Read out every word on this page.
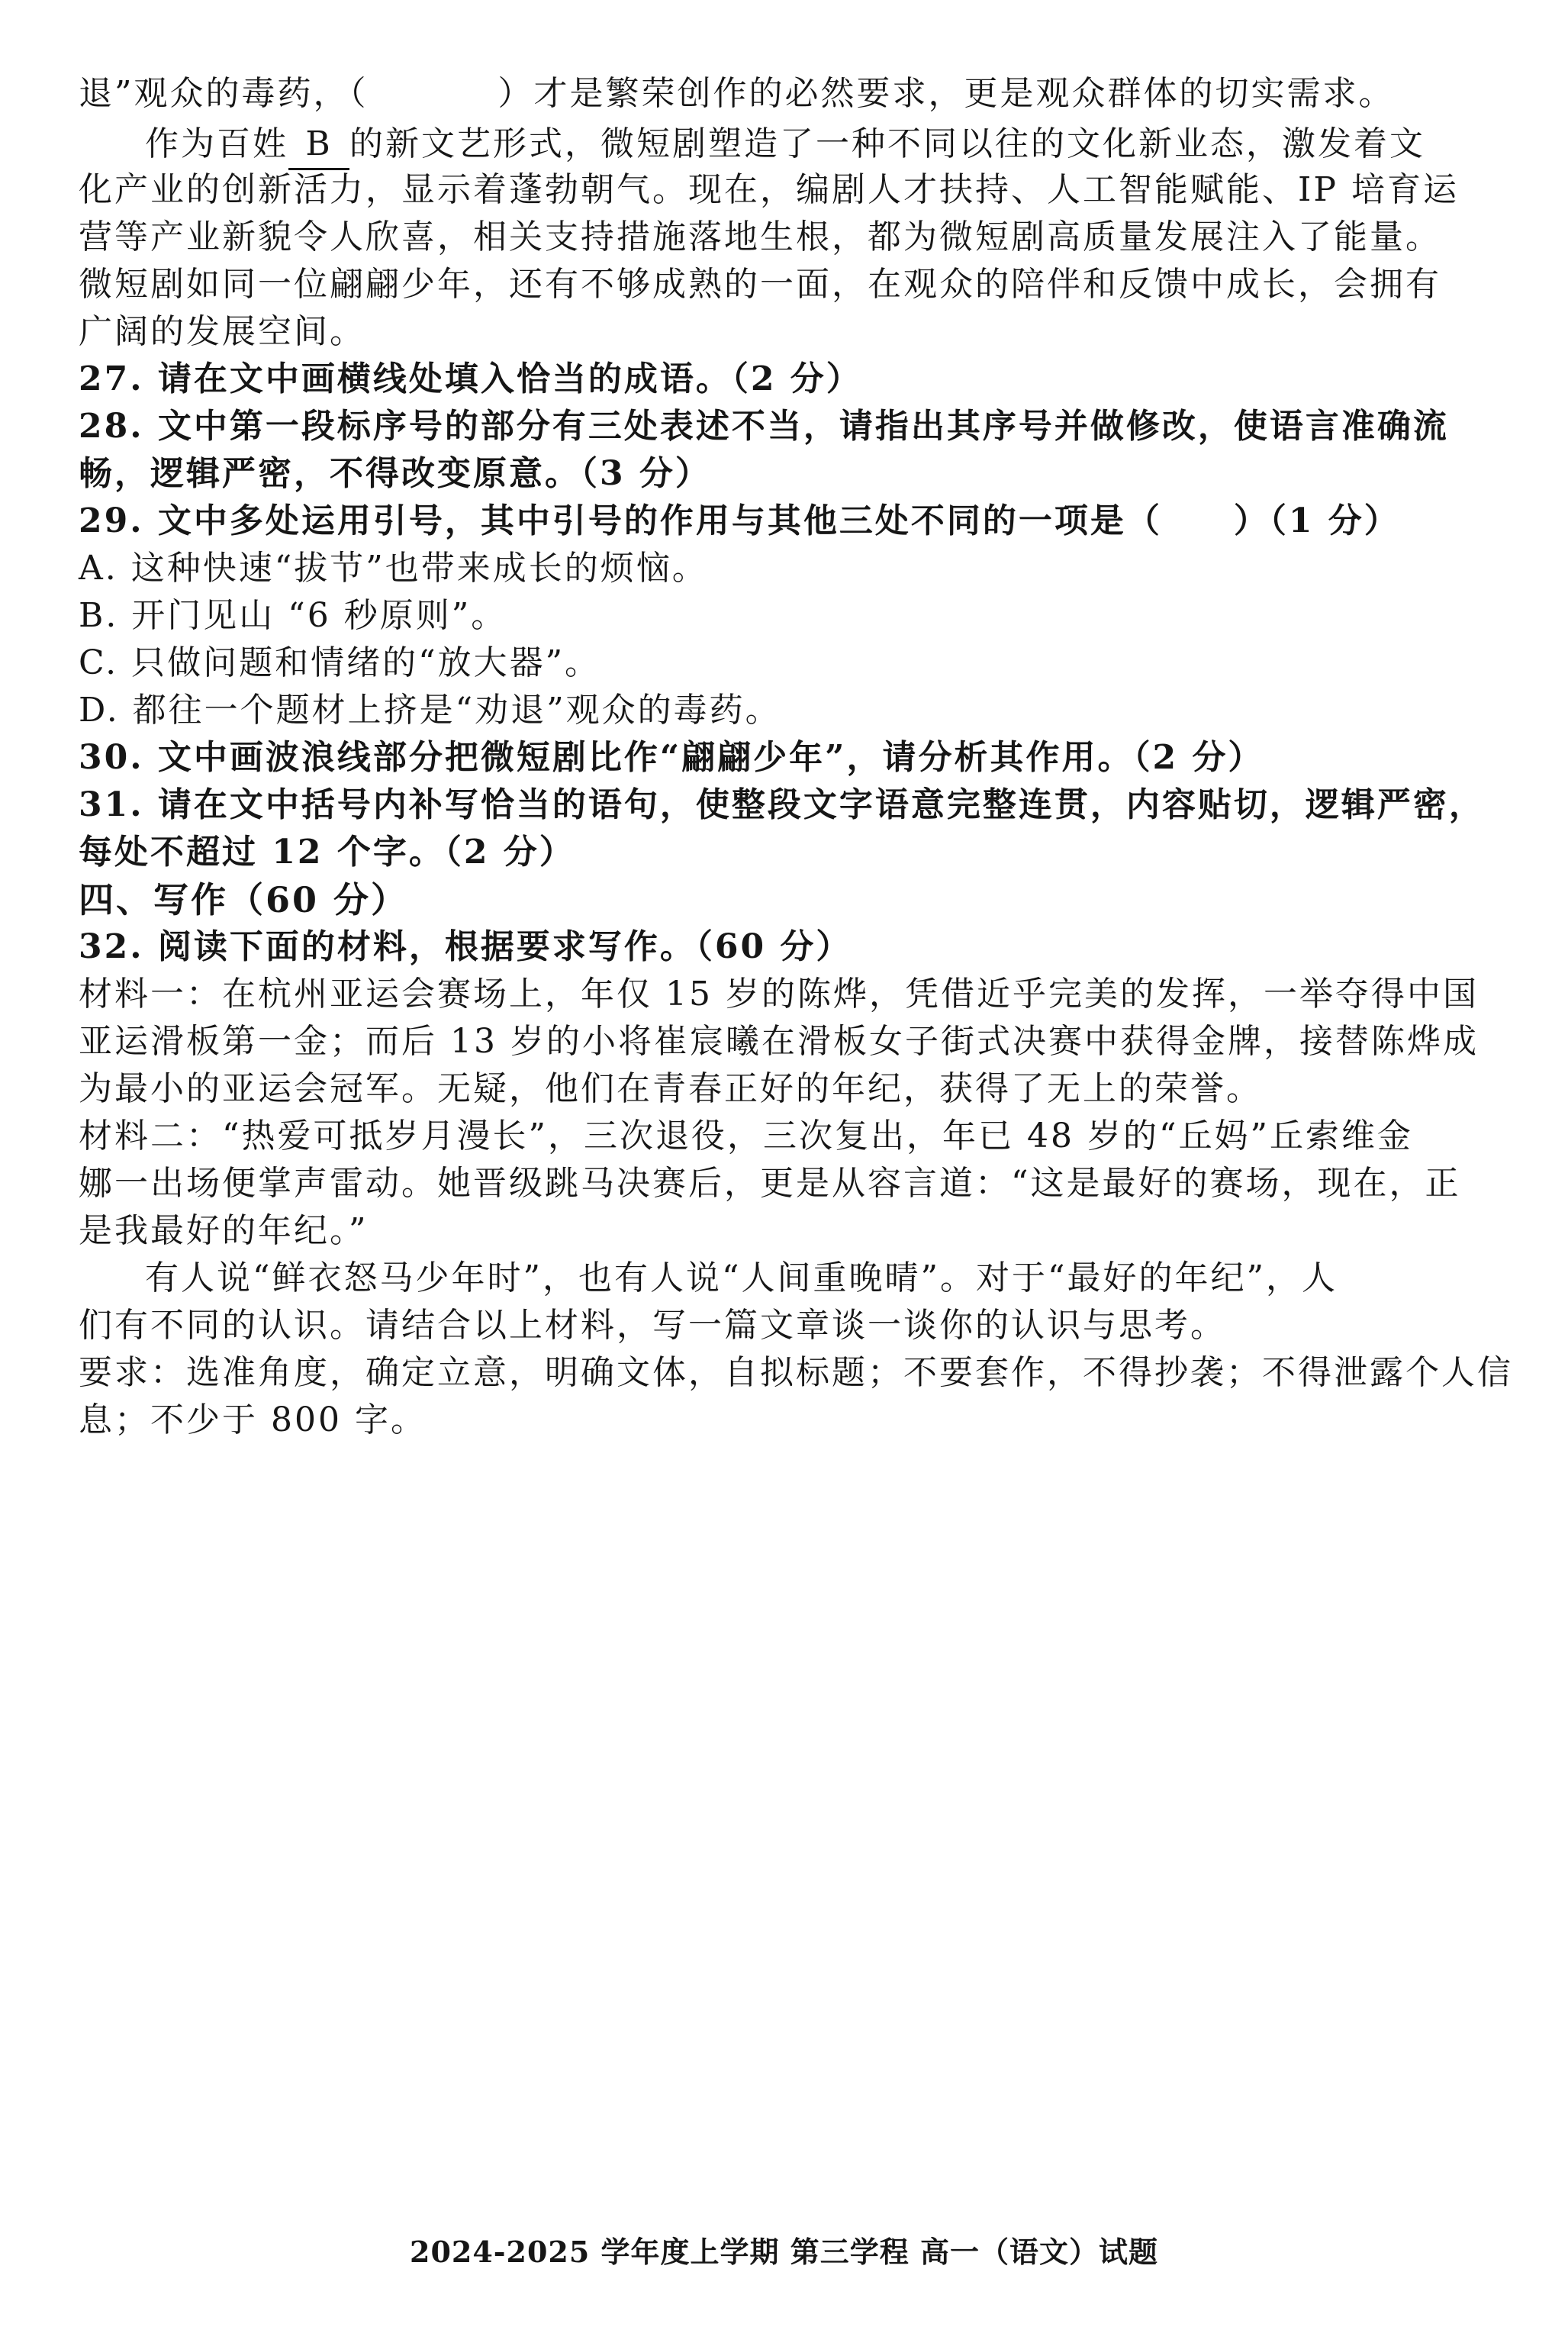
退”观众的毒药，（	）才是繁荣创作的必然要求，更是观众群体的切实需求。
作为百姓 B 的新文艺形式，微短剧塑造了一种不同以往的文化新业态，激发着文
化产业的创新活力，显示着蓬勃朝气。现在，编剧人才扶持、人工智能赋能、IP 培育运
营等产业新貌令人欣喜，相关支持措施落地生根，都为微短剧高质量发展注入了能量。
微短剧如同一位翩翩少年，还有不够成熟的一面，在观众的陪伴和反馈中成长，会拥有
广阔的发展空间。
27. 请在文中画横线处填入恰当的成语。（2 分）
28. 文中第一段标序号的部分有三处表述不当，请指出其序号并做修改，使语言准确流
畅，逻辑严密，不得改变原意。（3 分）
29. 文中多处运用引号，其中引号的作用与其他三处不同的一项是（　　）（1 分）
A. 这种快速“拔节”也带来成长的烦恼。
B. 开门见山 “6 秒原则”。
C. 只做问题和情绪的“放大器”。
D. 都往一个题材上挤是“劝退”观众的毒药。
30. 文中画波浪线部分把微短剧比作“翩翩少年”，请分析其作用。（2 分）
31. 请在文中括号内补写恰当的语句，使整段文字语意完整连贯，内容贴切，逻辑严密，
每处不超过 12 个字。（2 分）
四、写作（60 分）
32. 阅读下面的材料，根据要求写作。（60 分）
材料一：在杭州亚运会赛场上，年仅 15 岁的陈烨，凭借近乎完美的发挥，一举夺得中国
亚运滑板第一金；而后 13 岁的小将崔宸曦在滑板女子街式决赛中获得金牌，接替陈烨成
为最小的亚运会冠军。无疑，他们在青春正好的年纪，获得了无上的荣誉。
材料二：“热爱可抵岁月漫长”，三次退役，三次复出，年已 48 岁的“丘妈”丘索维金
娜一出场便掌声雷动。她晋级跳马决赛后，更是从容言道：“这是最好的赛场，现在，正
是我最好的年纪。”
有人说“鲜衣怒马少年时”，也有人说“人间重晚晴”。对于“最好的年纪”，人
们有不同的认识。请结合以上材料，写一篇文章谈一谈你的认识与思考。
要求：选准角度，确定立意，明确文体，自拟标题；不要套作，不得抄袭；不得泄露个人信
息；不少于 800 字。
2024-2025 学年度上学期 第三学程 高一（语文）试题
